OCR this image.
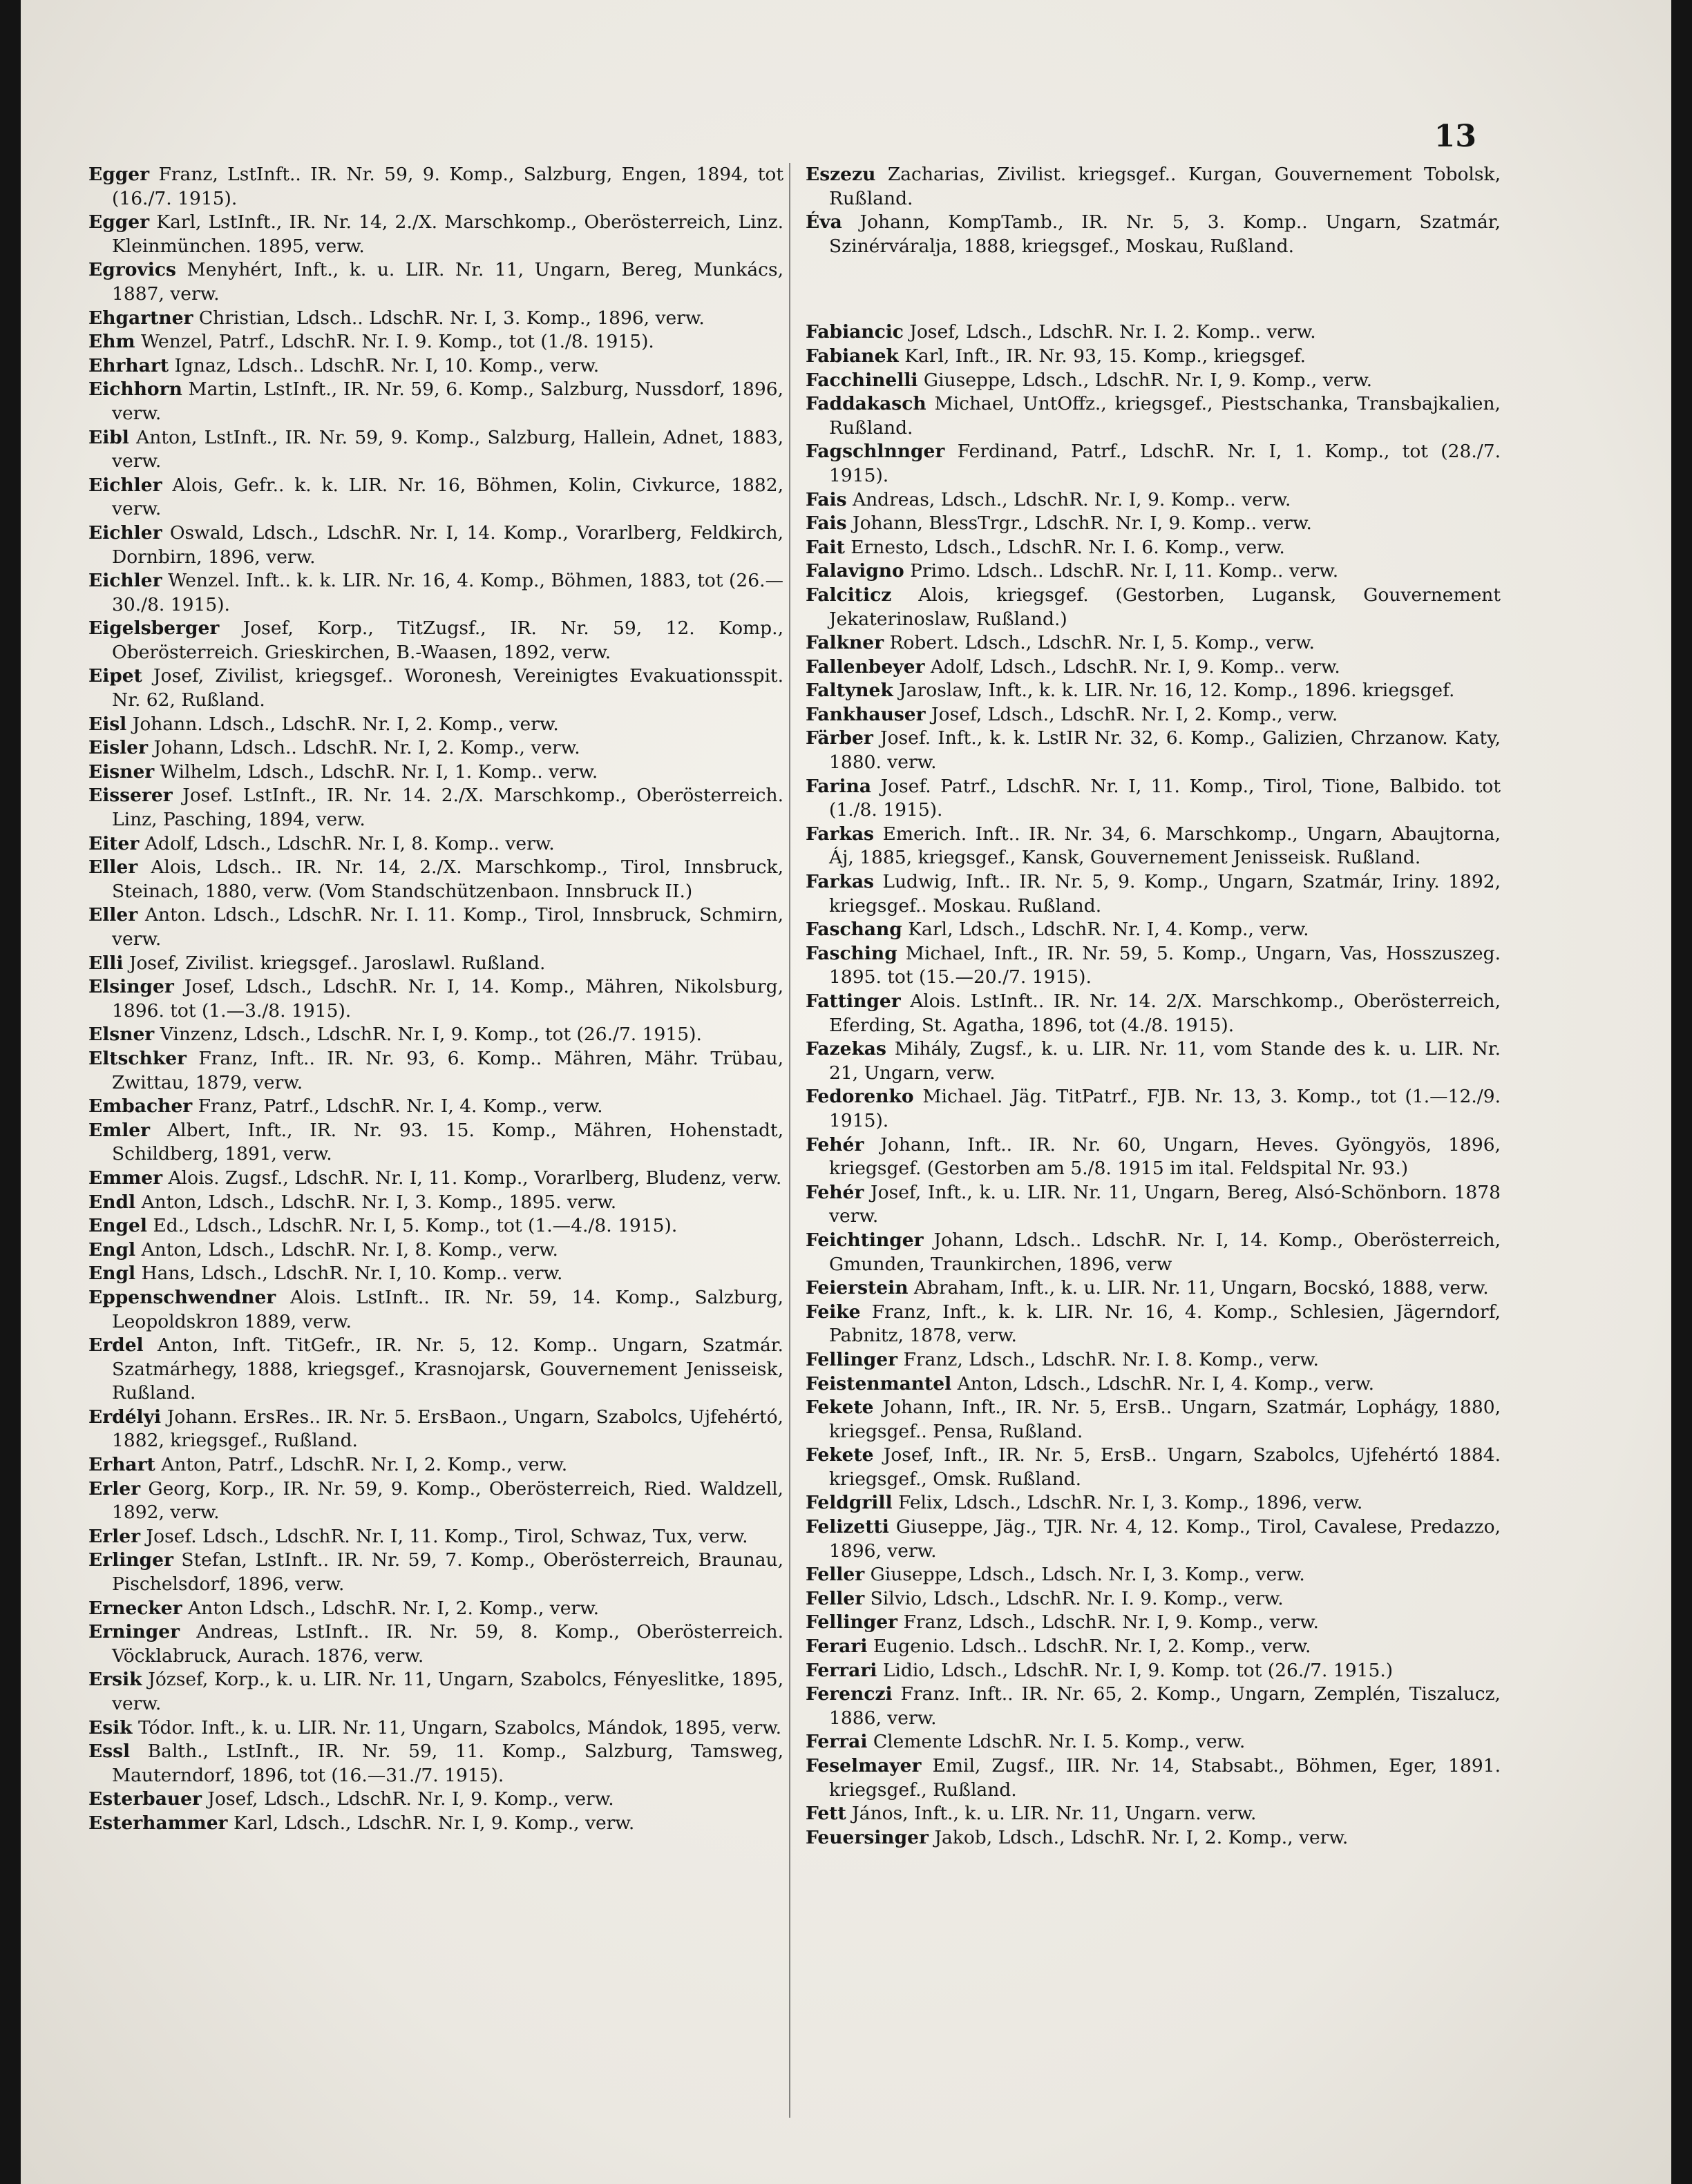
13

Egger Franz, LstInft.. IR. Nr. 59, 9. Komp., Salzburg, Engen, 1894, tot (16./7. 1915).

Egger Karl, LstInft., IR. Nr. 14, 2./X. Marschkomp., Oberösterreich, Linz. Kleinmünchen. 1895, verw.

Egrovics Menyhért, Inft., k. u. LIR. Nr. 11, Ungarn, Bereg, Munkács, 1887, verw.

Ehgartner Christian, Ldsch.. LdschR. Nr. I, 3. Komp., 1896, verw.

Ehm Wenzel, Patrf., LdschR. Nr. I. 9. Komp., tot (1./8. 1915).

Ehrhart Ignaz, Ldsch.. LdschR. Nr. I, 10. Komp., verw.

Eichhorn Martin, LstInft., IR. Nr. 59, 6. Komp., Salzburg, Nussdorf, 1896, verw.

Eibl Anton, LstInft., IR. Nr. 59, 9. Komp., Salzburg, Hallein, Adnet, 1883, verw.

Eichler Alois, Gefr.. k. k. LIR. Nr. 16, Böhmen, Kolin, Civkurce, 1882, verw.

Eichler Oswald, Ldsch., LdschR. Nr. I, 14. Komp., Vorarlberg, Feldkirch, Dornbirn, 1896, verw.

Eichler Wenzel. Inft.. k. k. LIR. Nr. 16, 4. Komp., Böhmen, 1883, tot (26.—30./8. 1915).

Eigelsberger Josef, Korp., TitZugsf., IR. Nr. 59, 12. Komp., Oberösterreich. Grieskirchen, B.-Waasen, 1892, verw.

Eipet Josef, Zivilist, kriegsgef.. Woronesh, Vereinigtes Evakuationsspit. Nr. 62, Rußland.

Eisl Johann. Ldsch., LdschR. Nr. I, 2. Komp., verw.

Eisler Johann, Ldsch.. LdschR. Nr. I, 2. Komp., verw.

Eisner Wilhelm, Ldsch., LdschR. Nr. I, 1. Komp.. verw.

Eisserer Josef. LstInft., IR. Nr. 14. 2./X. Marschkomp., Oberösterreich. Linz, Pasching, 1894, verw.

Eiter Adolf, Ldsch., LdschR. Nr. I, 8. Komp.. verw.

Eller Alois, Ldsch.. IR. Nr. 14, 2./X. Marschkomp., Tirol, Innsbruck, Steinach, 1880, verw. (Vom Standschützenbaon. Innsbruck II.)

Eller Anton. Ldsch., LdschR. Nr. I. 11. Komp., Tirol, Innsbruck, Schmirn, verw.

Elli Josef, Zivilist. kriegsgef.. Jaroslawl. Rußland.

Elsinger Josef, Ldsch., LdschR. Nr. I, 14. Komp., Mähren, Nikolsburg, 1896. tot (1.—3./8. 1915).

Elsner Vinzenz, Ldsch., LdschR. Nr. I, 9. Komp., tot (26./7. 1915).

Eltschker Franz, Inft.. IR. Nr. 93, 6. Komp.. Mähren, Mähr. Trübau, Zwittau, 1879, verw.

Embacher Franz, Patrf., LdschR. Nr. I, 4. Komp., verw.

Emler Albert, Inft., IR. Nr. 93. 15. Komp., Mähren, Hohenstadt, Schildberg, 1891, verw.

Emmer Alois. Zugsf., LdschR. Nr. I, 11. Komp., Vorarlberg, Bludenz, verw.

Endl Anton, Ldsch., LdschR. Nr. I, 3. Komp., 1895. verw.

Engel Ed., Ldsch., LdschR. Nr. I, 5. Komp., tot (1.—4./8. 1915).

Engl Anton, Ldsch., LdschR. Nr. I, 8. Komp., verw.

Engl Hans, Ldsch., LdschR. Nr. I, 10. Komp.. verw.

Eppenschwendner Alois. LstInft.. IR. Nr. 59, 14. Komp., Salzburg, Leopoldskron 1889, verw.

Erdel Anton, Inft. TitGefr., IR. Nr. 5, 12. Komp.. Ungarn, Szatmár. Szatmárhegy, 1888, kriegsgef., Krasnojarsk, Gouvernement Jenisseisk, Rußland.

Erdélyi Johann. ErsRes.. IR. Nr. 5. ErsBaon., Ungarn, Szabolcs, Ujfehértó, 1882, kriegsgef., Rußland.

Erhart Anton, Patrf., LdschR. Nr. I, 2. Komp., verw.

Erler Georg, Korp., IR. Nr. 59, 9. Komp., Oberösterreich, Ried. Waldzell, 1892, verw.

Erler Josef. Ldsch., LdschR. Nr. I, 11. Komp., Tirol, Schwaz, Tux, verw.

Erlinger Stefan, LstInft.. IR. Nr. 59, 7. Komp., Oberösterreich, Braunau, Pischelsdorf, 1896, verw.

Ernecker Anton Ldsch., LdschR. Nr. I, 2. Komp., verw.

Erninger Andreas, LstInft.. IR. Nr. 59, 8. Komp., Oberösterreich. Vöcklabruck, Aurach. 1876, verw.

Ersik József, Korp., k. u. LIR. Nr. 11, Ungarn, Szabolcs, Fényeslitke, 1895, verw.

Esik Tódor. Inft., k. u. LIR. Nr. 11, Ungarn, Szabolcs, Mándok, 1895, verw.

Essl Balth., LstInft., IR. Nr. 59, 11. Komp., Salzburg, Tamsweg, Mauterndorf, 1896, tot (16.—31./7. 1915).

Esterbauer Josef, Ldsch., LdschR. Nr. I, 9. Komp., verw.

Esterhammer Karl, Ldsch., LdschR. Nr. I, 9. Komp., verw.

Eszezu Zacharias, Zivilist. kriegsgef.. Kurgan, Gouvernement Tobolsk, Rußland.

Éva Johann, KompTamb., IR. Nr. 5, 3. Komp.. Ungarn, Szatmár, Szinérváralja, 1888, kriegsgef., Moskau, Rußland.

Fabiancic Josef, Ldsch., LdschR. Nr. I. 2. Komp.. verw.

Fabianek Karl, Inft., IR. Nr. 93, 15. Komp., kriegsgef.

Facchinelli Giuseppe, Ldsch., LdschR. Nr. I, 9. Komp., verw.

Faddakasch Michael, UntOffz., kriegsgef., Piestschanka, Transbajkalien, Rußland.

Fagschlnnger Ferdinand, Patrf., LdschR. Nr. I, 1. Komp., tot (28./7. 1915).

Fais Andreas, Ldsch., LdschR. Nr. I, 9. Komp.. verw.

Fais Johann, BlessTrgr., LdschR. Nr. I, 9. Komp.. verw.

Fait Ernesto, Ldsch., LdschR. Nr. I. 6. Komp., verw.

Falavigno Primo. Ldsch.. LdschR. Nr. I, 11. Komp.. verw.

Falciticz Alois, kriegsgef. (Gestorben, Lugansk, Gouvernement Jekaterinoslaw, Rußland.)

Falkner Robert. Ldsch., LdschR. Nr. I, 5. Komp., verw.

Fallenbeyer Adolf, Ldsch., LdschR. Nr. I, 9. Komp.. verw.

Faltynek Jaroslaw, Inft., k. k. LIR. Nr. 16, 12. Komp., 1896. kriegsgef.

Fankhauser Josef, Ldsch., LdschR. Nr. I, 2. Komp., verw.

Färber Josef. Inft., k. k. LstIR Nr. 32, 6. Komp., Galizien, Chrzanow. Katy, 1880. verw.

Farina Josef. Patrf., LdschR. Nr. I, 11. Komp., Tirol, Tione, Balbido. tot (1./8. 1915).

Farkas Emerich. Inft.. IR. Nr. 34, 6. Marschkomp., Ungarn, Abaujtorna, Áj, 1885, kriegsgef., Kansk, Gouvernement Jenisseisk. Rußland.

Farkas Ludwig, Inft.. IR. Nr. 5, 9. Komp., Ungarn, Szatmár, Iriny. 1892, kriegsgef.. Moskau. Rußland.

Faschang Karl, Ldsch., LdschR. Nr. I, 4. Komp., verw.

Fasching Michael, Inft., IR. Nr. 59, 5. Komp., Ungarn, Vas, Hosszuszeg. 1895. tot (15.—20./7. 1915).

Fattinger Alois. LstInft.. IR. Nr. 14. 2/X. Marschkomp., Oberösterreich, Eferding, St. Agatha, 1896, tot (4./8. 1915).

Fazekas Mihály, Zugsf., k. u. LIR. Nr. 11, vom Stande des k. u. LIR. Nr. 21, Ungarn, verw.

Fedorenko Michael. Jäg. TitPatrf., FJB. Nr. 13, 3. Komp., tot (1.—12./9. 1915).

Fehér Johann, Inft.. IR. Nr. 60, Ungarn, Heves. Gyöngyös, 1896, kriegsgef. (Gestorben am 5./8. 1915 im ital. Feldspital Nr. 93.)

Fehér Josef, Inft., k. u. LIR. Nr. 11, Ungarn, Bereg, Alsó-Schönborn. 1878 verw.

Feichtinger Johann, Ldsch.. LdschR. Nr. I, 14. Komp., Oberösterreich, Gmunden, Traunkirchen, 1896, verw

Feierstein Abraham, Inft., k. u. LIR. Nr. 11, Ungarn, Bocskó, 1888, verw.

Feike Franz, Inft., k. k. LIR. Nr. 16, 4. Komp., Schlesien, Jägerndorf, Pabnitz, 1878, verw.

Fellinger Franz, Ldsch., LdschR. Nr. I. 8. Komp., verw.

Feistenmantel Anton, Ldsch., LdschR. Nr. I, 4. Komp., verw.

Fekete Johann, Inft., IR. Nr. 5, ErsB.. Ungarn, Szatmár, Lophágy, 1880, kriegsgef.. Pensa, Rußland.

Fekete Josef, Inft., IR. Nr. 5, ErsB.. Ungarn, Szabolcs, Ujfehértó 1884. kriegsgef., Omsk. Rußland.

Feldgrill Felix, Ldsch., LdschR. Nr. I, 3. Komp., 1896, verw.

Felizetti Giuseppe, Jäg., TJR. Nr. 4, 12. Komp., Tirol, Cavalese, Predazzo, 1896, verw.

Feller Giuseppe, Ldsch., Ldsch. Nr. I, 3. Komp., verw.

Feller Silvio, Ldsch., LdschR. Nr. I. 9. Komp., verw.

Fellinger Franz, Ldsch., LdschR. Nr. I, 9. Komp., verw.

Ferari Eugenio. Ldsch.. LdschR. Nr. I, 2. Komp., verw.

Ferrari Lidio, Ldsch., LdschR. Nr. I, 9. Komp. tot (26./7. 1915.)

Ferenczi Franz. Inft.. IR. Nr. 65, 2. Komp., Ungarn, Zemplén, Tiszalucz, 1886, verw.

Ferrai Clemente LdschR. Nr. I. 5. Komp., verw.

Feselmayer Emil, Zugsf., IIR. Nr. 14, Stabsabt., Böhmen, Eger, 1891. kriegsgef., Rußland.

Fett János, Inft., k. u. LIR. Nr. 11, Ungarn. verw.

Feuersinger Jakob, Ldsch., LdschR. Nr. I, 2. Komp., verw.
